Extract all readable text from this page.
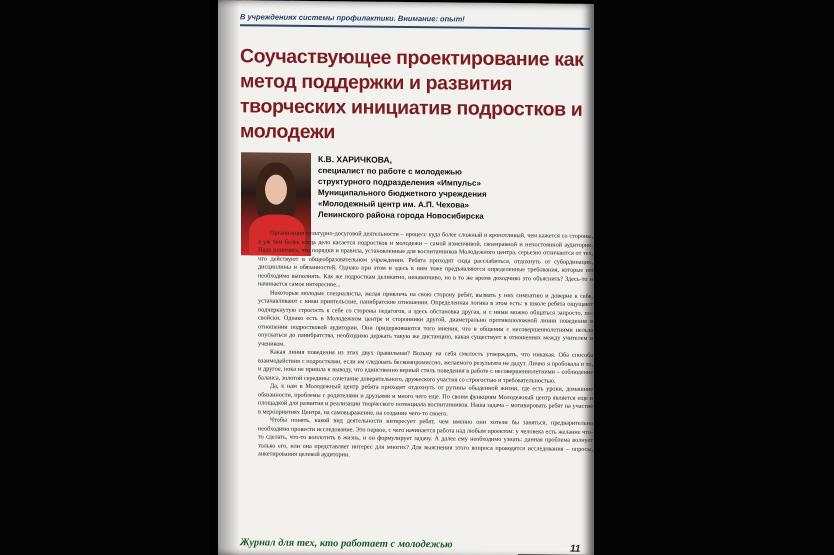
В учреждениях системы профилактики. Внимание: опыт!
Соучаствующее проектирование как метод поддержки и развития творческих инициатив подростков и молодежи
К.В. ХАРИЧКОВА,
специалист по работе с молодежью
структурного подразделения «Импульс»
Муниципального бюджетного учреждения
«Молодежный центр им. А.П. Чехова»
Ленинского района города Новосибирска

Организация культурно-досуговой деятельности – процесс куда более сложный и кропотливый, чем кажется со стороны, а уж тем более когда дело касается подростков и молодежи – самой изменчивой, своенравной и непостоянной аудитории. Надо понимать, что порядки и правила, установленные для воспитанников Молодежного центра, серьезно отличаются от тех, что действуют в общеобразовательном учреждении. Ребята приходят сюда расслабиться, отдохнуть от субординации, дисциплины и обязанностей. Однако при этом и здесь к ним тоже предъявляются определенные требования, которые им необходимо выполнять. Как же подросткам деликатно, ненавязчиво, но в то же время доходчиво это объяснить? Здесь-то и начинается самое интересное...

Некоторые молодые специалисты, желая привлечь на свою сторону ребят, вызвать у них симпатию и доверие к себе, устанавливают с ними приятельские, панибратские отношения. Определенная логика в этом есть: в школе ребята ощущают подчеркнутую строгость к себе со стороны педагогов, а здесь обстановка другая, и с ними можно общаться запросто, по-свойски. Однако есть в Молодежном центре и сторонники другой, диаметрально противоположной линии поведения в отношении подростковой аудитории. Они придерживаются того мнения, что в общении с несовершеннолетними нельзя опускаться до панибратства, необходимо держать такую же дистанцию, какая существует в отношениях между учителем и учеником.

Какая линия поведения из этих двух правильная? Возьму на себя смелость утверждать, что никакая. Оба способа взаимодействия с подростками, если им следовать бескомпромиссно, желаемого результата не дадут. Лично я пробовала и то, и другое, пока не пришла к выводу, что единственно верный стиль поведения в работе с несовершеннолетними – соблюдение баланса, золотой середины: сочетание доверительного, дружеского участия со строгостью и требовательностью.

Да, к нам в Молодежный центр ребята приходят отдохнуть от рутины обыденной жизни, где есть уроки, домашние обязанности, проблемы с родителями и друзьями и много чего еще. По своим функциям Молодежный центр является еще и площадкой для развития и реализации творческого потенциала воспитанников. Наша задача – мотивировать ребят на участие в мероприятиях Центра, на самовыражение, на создание чего-то своего.

Чтобы понять, какой вид деятельности интересует ребят, чем именно они хотели бы заняться, предварительно необходимо провести исследование. Это первое, с чего начинается работа над любым проектом: у человека есть желание что-то сделать, что-то воплотить в жизнь, и он формулирует задачу. А далее ему необходимо узнать: данная проблема волнует только его, или она представляет интерес для многих? Для выяснения этого вопроса проводятся исследования – опросы, анкетирования целевой аудитории.

Журнал для тех, кто работает с молодежью	11
